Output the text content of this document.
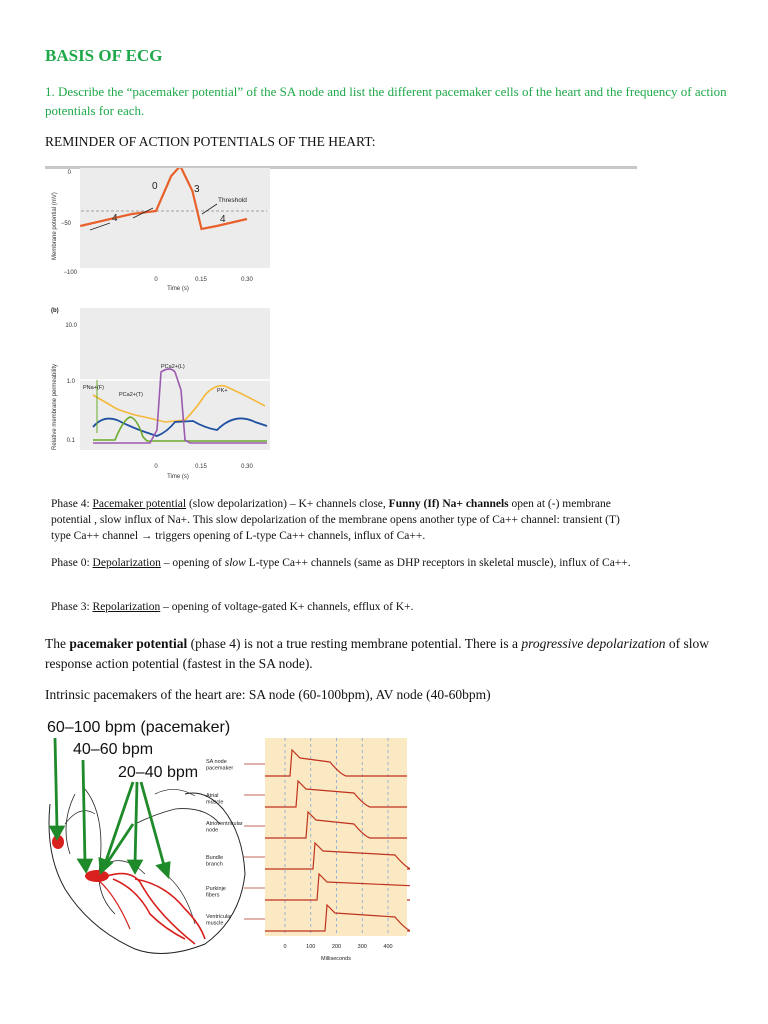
BASIS OF ECG
1. Describe the “pacemaker potential” of the SA node and list the different pacemaker cells of the heart and the frequency of action potentials for each.
REMINDER OF ACTION POTENTIALS OF THE HEART:
Membrane potential (mV)
0
−50
−100
4
0	3
4
Threshold
0	0.15	0.30
Time (s)
(b)
Relative membrane permeability
10.0
1.0
0.1
PNa+(F)
PCa2+(T)
PCa2+(L)
PK+
0	0.15	0.30
Time (s)
Phase 4: Pacemaker potential (slow depolarization) – K+ channels close, Funny (If) Na+ channels open at (-) membrane potential , slow influx of Na+. This slow depolarization of the membrane opens another type of Ca++ channel: transient (T) type Ca++ channel → triggers opening of L-type Ca++ channels, influx of Ca++.
Phase 0: Depolarization – opening of slow L-type Ca++ channels (same as DHP receptors in skeletal muscle), influx of Ca++.
Phase 3: Repolarization – opening of voltage-gated K+ channels, efflux of K+.
The pacemaker potential (phase 4) is not a true resting membrane potential. There is a progressive depolarization of slow response action potential (fastest in the SA node).
Intrinsic pacemakers of the heart are: SA node (60-100bpm), AV node (40-60bpm)
60–100 bpm (pacemaker)
40–60 bpm
20–40 bpm
SA node pacemaker
Atrial muscle
Atrioventricular node
Bundle branch
Purkinje fibers
Ventricular muscle
0	100	200	300	400
Milliseconds
